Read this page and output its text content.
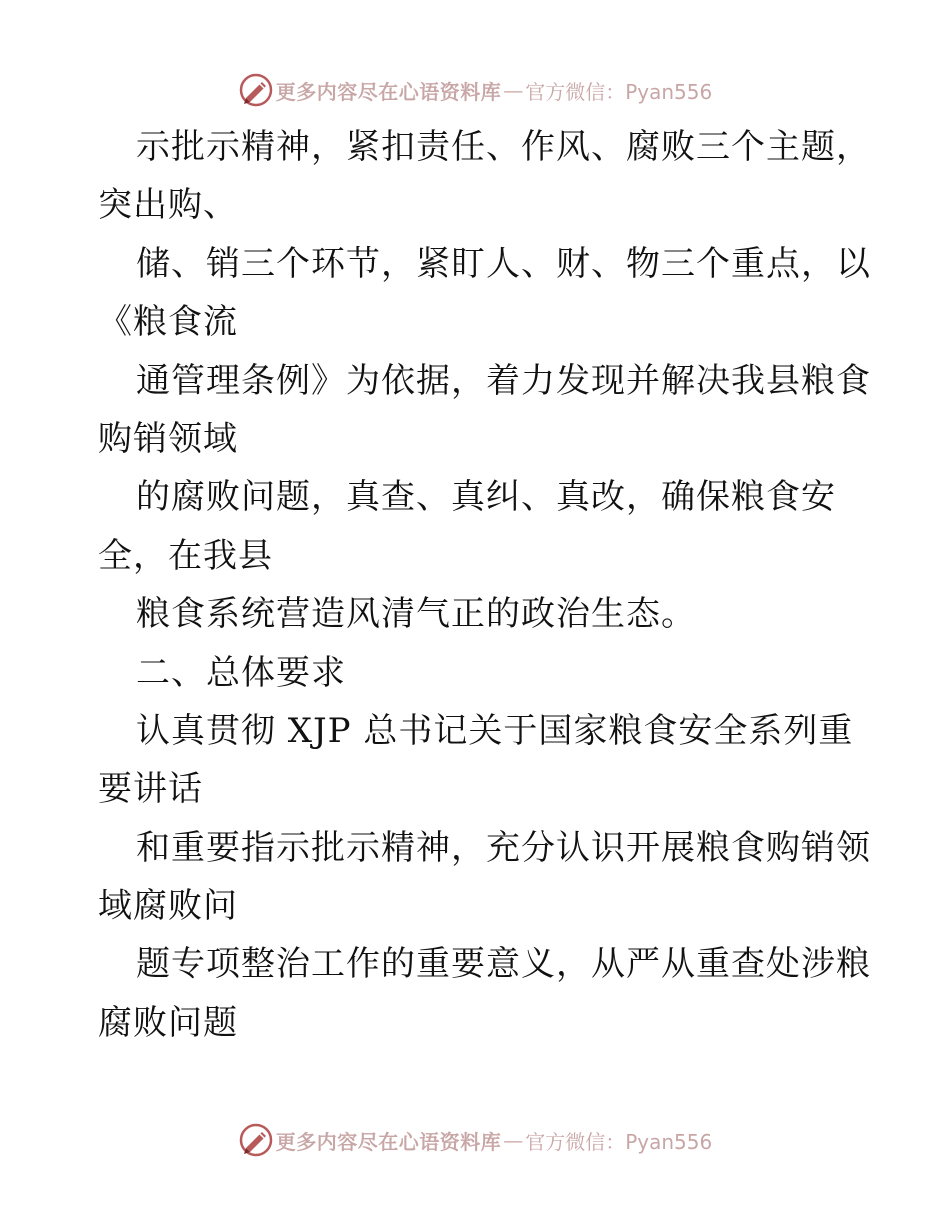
更多内容尽在心语资料库 — 官方微信：Pyan556
示批示精神，紧扣责任、作风、腐败三个主题，
突出购、
储、销三个环节，紧盯人、财、物三个重点，以
《粮食流
通管理条例》为依据，着力发现并解决我县粮食
购销领域
的腐败问题，真查、真纠、真改，确保粮食安
全，在我县
粮食系统营造风清气正的政治生态。
二、总体要求
认真贯彻 XJP 总书记关于国家粮食安全系列重
要讲话
和重要指示批示精神，充分认识开展粮食购销领
域腐败问
题专项整治工作的重要意义，从严从重查处涉粮
腐败问题
更多内容尽在心语资料库 — 官方微信：Pyan556
